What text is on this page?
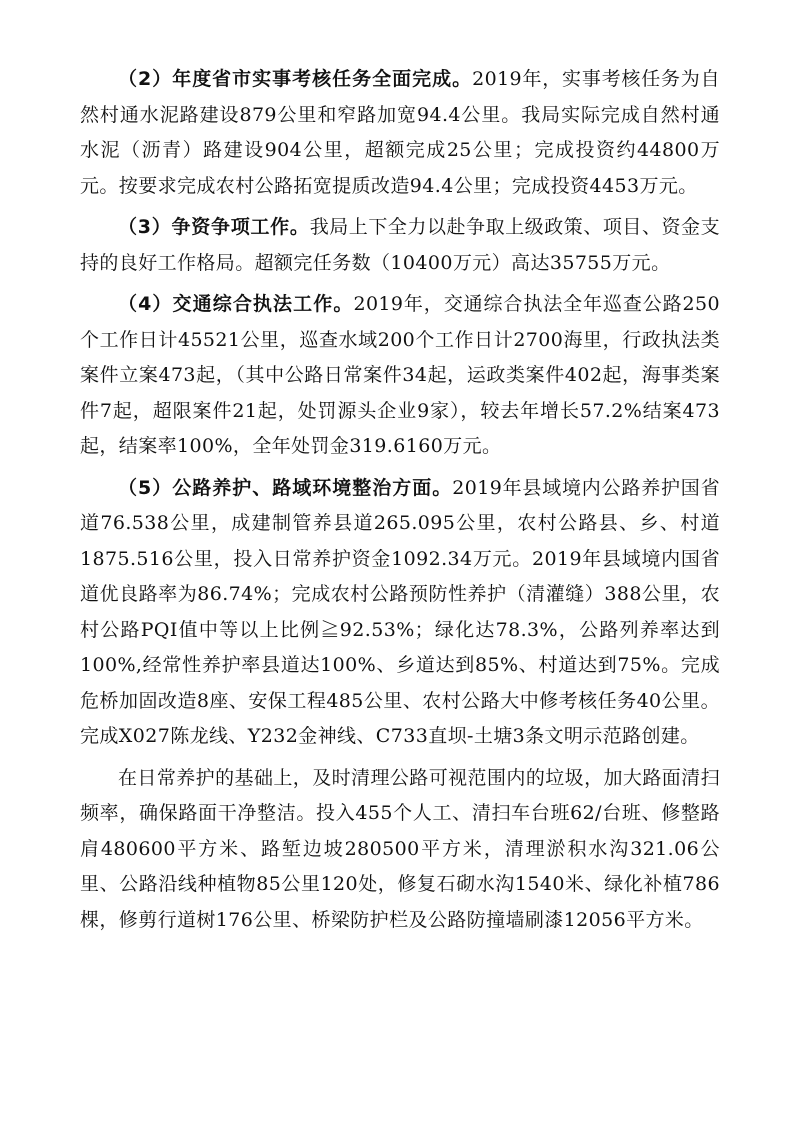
（2）年度省市实事考核任务全面完成。2019年，实事考核任务为自然村通水泥路建设879公里和窄路加宽94.4公里。我局实际完成自然村通水泥（沥青）路建设904公里，超额完成25公里；完成投资约44800万元。按要求完成农村公路拓宽提质改造94.4公里；完成投资4453万元。

（3）争资争项工作。我局上下全力以赴争取上级政策、项目、资金支持的良好工作格局。超额完任务数（10400万元）高达35755万元。

（4）交通综合执法工作。2019年，交通综合执法全年巡查公路250个工作日计45521公里，巡查水域200个工作日计2700海里，行政执法类案件立案473起，（其中公路日常案件34起，运政类案件402起，海事类案件7起，超限案件21起，处罚源头企业9家），较去年增长57.2%结案473起，结案率100%，全年处罚金319.6160万元。

（5）公路养护、路域环境整治方面。2019年县域境内公路养护国省道76.538公里，成建制管养县道265.095公里，农村公路县、乡、村道1875.516公里，投入日常养护资金1092.34万元。2019年县域境内国省道优良路率为86.74%；完成农村公路预防性养护（清灌缝）388公里，农村公路PQI值中等以上比例≧92.53%；绿化达78.3%，公路列养率达到100%,经常性养护率县道达100%、乡道达到85%、村道达到75%。完成危桥加固改造8座、安保工程485公里、农村公路大中修考核任务40公里。完成X027陈龙线、Y232金神线、C733直坝-土塘3条文明示范路创建。

在日常养护的基础上，及时清理公路可视范围内的垃圾，加大路面清扫频率，确保路面干净整洁。投入455个人工、清扫车台班62/台班、修整路肩480600平方米、路堑边坡280500平方米，清理淤积水沟321.06公里、公路沿线种植物85公里120处，修复石砌水沟1540米、绿化补植786棵，修剪行道树176公里、桥梁防护栏及公路防撞墙刷漆12056平方米。
